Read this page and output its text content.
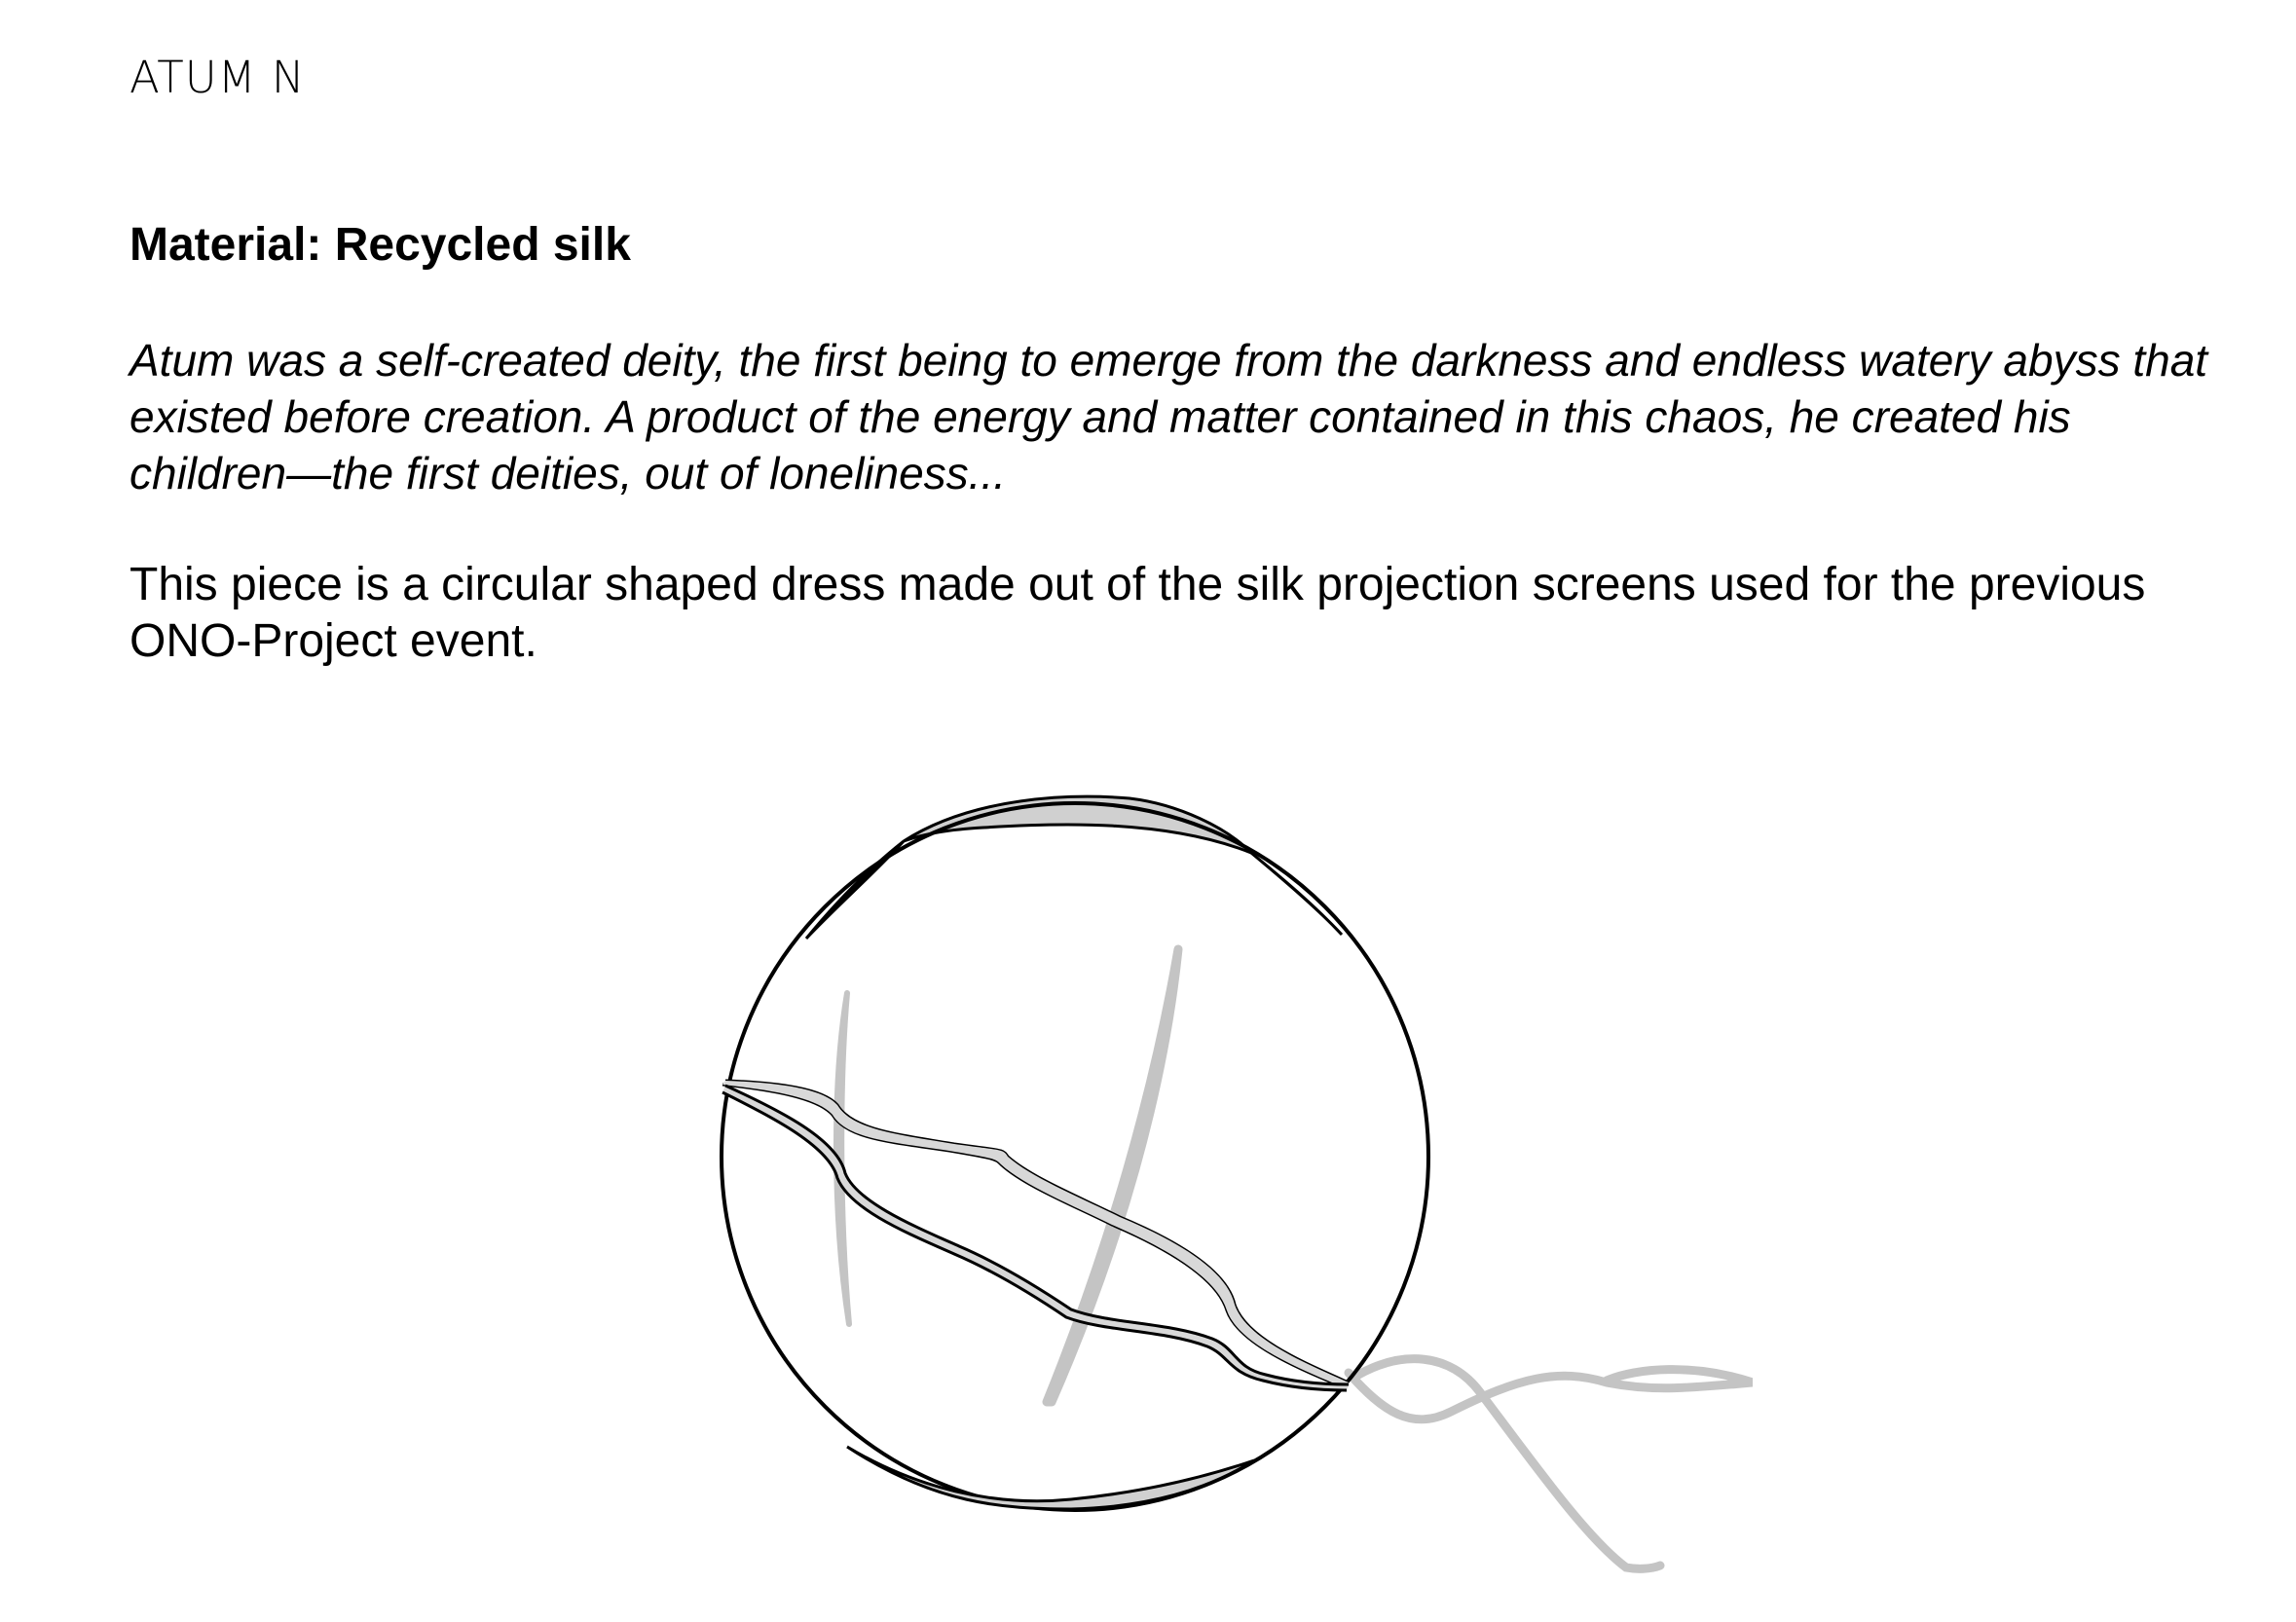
ATUM N
Material: Recycled silk
Atum was a self-created deity, the first being to emerge from the darkness and endless watery abyss that existed before creation. A product of the energy and matter contained in this chaos, he created his children—the first deities, out of loneliness...
This piece is a circular shaped dress made out of the silk projection screens used for the previous ONO-Project event.
